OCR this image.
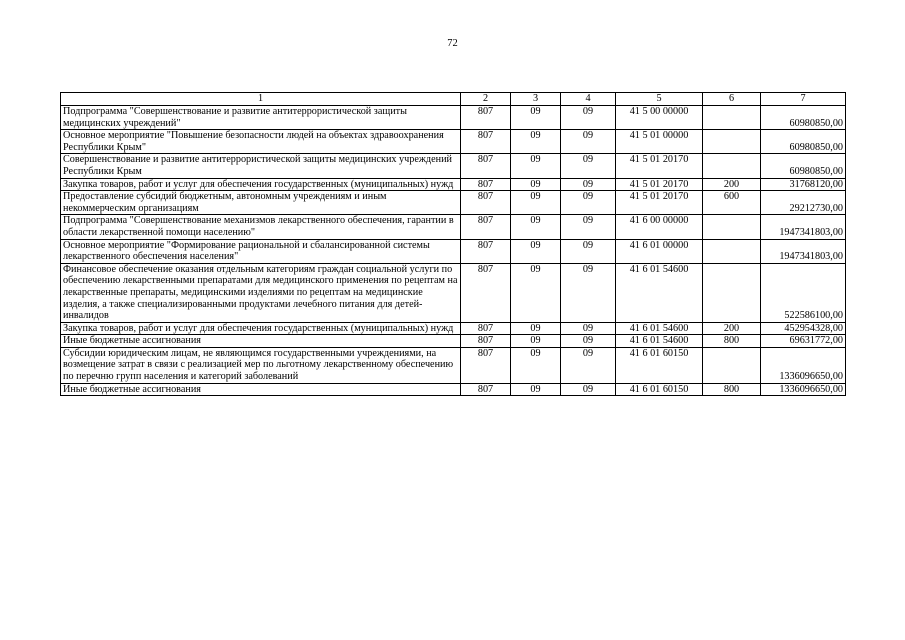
72
1	2	3	4	5	6	7
Подпрограмма "Совершенствование и развитие антитеррористической защиты медицинских учреждений"	807	09	09	41 5 00 00000		60980850,00
Основное мероприятие "Повышение безопасности людей на объектах здравоохранения Республики Крым"	807	09	09	41 5 01 00000		60980850,00
Совершенствование и развитие антитеррористической защиты медицинских учреждений Республики Крым	807	09	09	41 5 01 20170		60980850,00
Закупка товаров, работ и услуг для обеспечения государственных (муниципальных) нужд	807	09	09	41 5 01 20170	200	31768120,00
Предоставление субсидий бюджетным, автономным учреждениям и иным некоммерческим организациям	807	09	09	41 5 01 20170	600	29212730,00
Подпрограмма "Совершенствование механизмов лекарственного обеспечения, гарантии в области лекарственной помощи населению"	807	09	09	41 6 00 00000		1947341803,00
Основное мероприятие "Формирование рациональной и сбалансированной системы лекарственного обеспечения населения"	807	09	09	41 6 01 00000		1947341803,00
Финансовое обеспечение оказания отдельным категориям граждан социальной услуги по обеспечению лекарственными препаратами для медицинского применения по рецептам на лекарственные препараты, медицинскими изделиями по рецептам на медицинские изделия, а также специализированными продуктами лечебного питания для детей-инвалидов	807	09	09	41 6 01 54600		522586100,00
Закупка товаров, работ и услуг для обеспечения государственных (муниципальных) нужд	807	09	09	41 6 01 54600	200	452954328,00
Иные бюджетные ассигнования	807	09	09	41 6 01 54600	800	69631772,00
Субсидии юридическим лицам, не являющимся государственными учреждениями, на возмещение затрат в связи с реализацией мер по льготному лекарственному обеспечению по перечню групп населения и категорий заболеваний	807	09	09	41 6 01 60150		1336096650,00
Иные бюджетные ассигнования	807	09	09	41 6 01 60150	800	1336096650,00
